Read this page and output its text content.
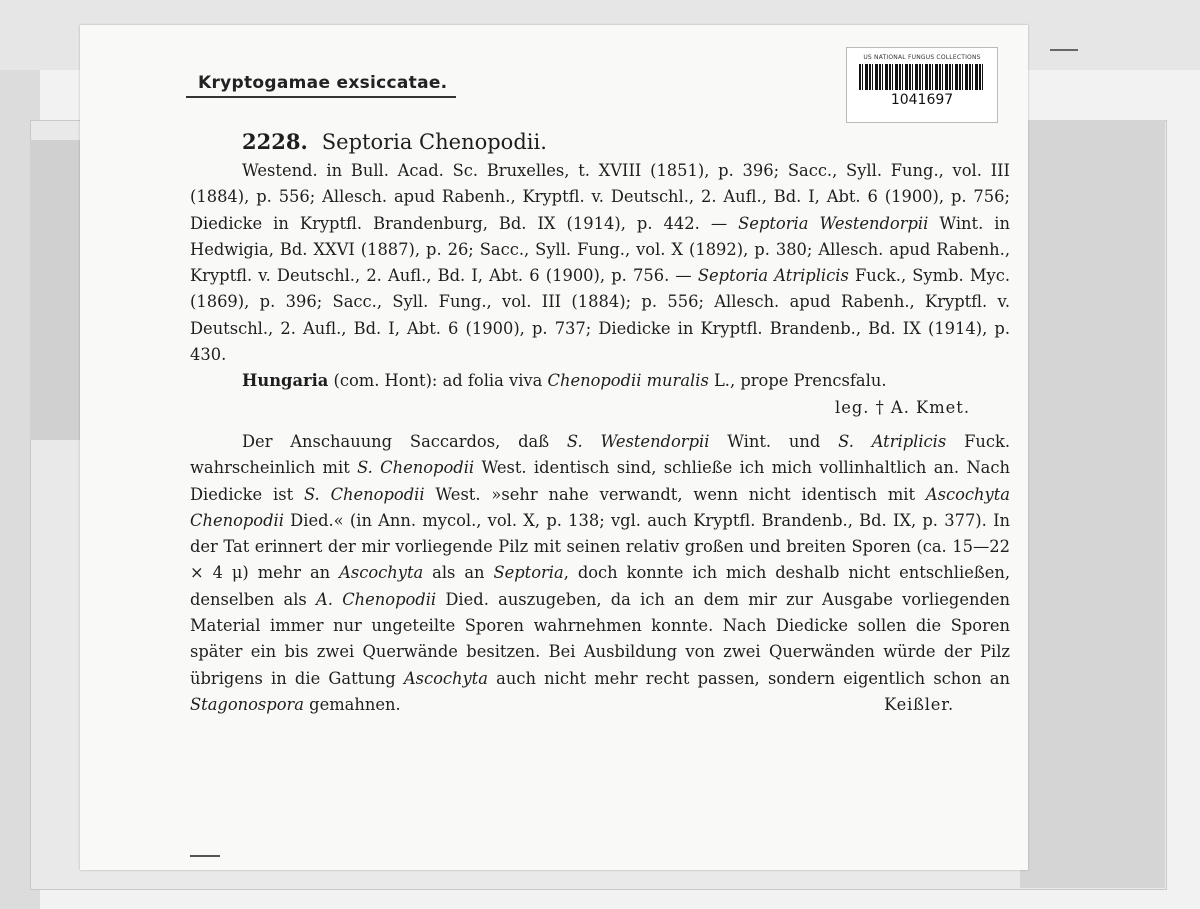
Kryptogamae exsiccatae.
US NATIONAL FUNGUS COLLECTIONS
1041697
2228. Septoria Chenopodii.

Westend. in Bull. Acad. Sc. Bruxelles, t. XVIII (1851), p. 396; Sacc., Syll. Fung., vol. III (1884), p. 556; Allesch. apud Rabenh., Kryptfl. v. Deutschl., 2. Aufl., Bd. I, Abt. 6 (1900), p. 756; Diedicke in Kryptfl. Brandenburg, Bd. IX (1914), p. 442. — Septoria Westendorpii Wint. in Hedwigia, Bd. XXVI (1887), p. 26; Sacc., Syll. Fung., vol. X (1892), p. 380; Allesch. apud Rabenh., Kryptfl. v. Deutschl., 2. Aufl., Bd. I, Abt. 6 (1900), p. 756. — Septoria Atriplicis Fuck., Symb. Myc. (1869), p. 396; Sacc., Syll. Fung., vol. III (1884); p. 556; Allesch. apud Rabenh., Kryptfl. v. Deutschl., 2. Aufl., Bd. I, Abt. 6 (1900), p. 737; Diedicke in Kryptfl. Brandenb., Bd. IX (1914), p. 430.

Hungaria (com. Hont): ad folia viva Chenopodii muralis L., prope Prencsfalu.

leg. † A. Kmet.

Der Anschauung Saccardos, daß S. Westendorpii Wint. und S. Atriplicis Fuck. wahrscheinlich mit S. Chenopodii West. identisch sind, schließe ich mich vollinhaltlich an. Nach Diedicke ist S. Chenopodii West. »sehr nahe verwandt, wenn nicht identisch mit Ascochyta Chenopodii Died.« (in Ann. mycol., vol. X, p. 138; vgl. auch Kryptfl. Brandenb., Bd. IX, p. 377). In der Tat erinnert der mir vorliegende Pilz mit seinen relativ großen und breiten Sporen (ca. 15—22 × 4 μ) mehr an Ascochyta als an Septoria, doch konnte ich mich deshalb nicht entschließen, denselben als A. Chenopodii Died. auszugeben, da ich an dem mir zur Ausgabe vorliegenden Material immer nur ungeteilte Sporen wahrnehmen konnte. Nach Diedicke sollen die Sporen später ein bis zwei Querwände besitzen. Bei Ausbildung von zwei Querwänden würde der Pilz übrigens in die Gattung Ascochyta auch nicht mehr recht passen, sondern eigentlich schon an Stagonospora gemahnen.	Keißler.
